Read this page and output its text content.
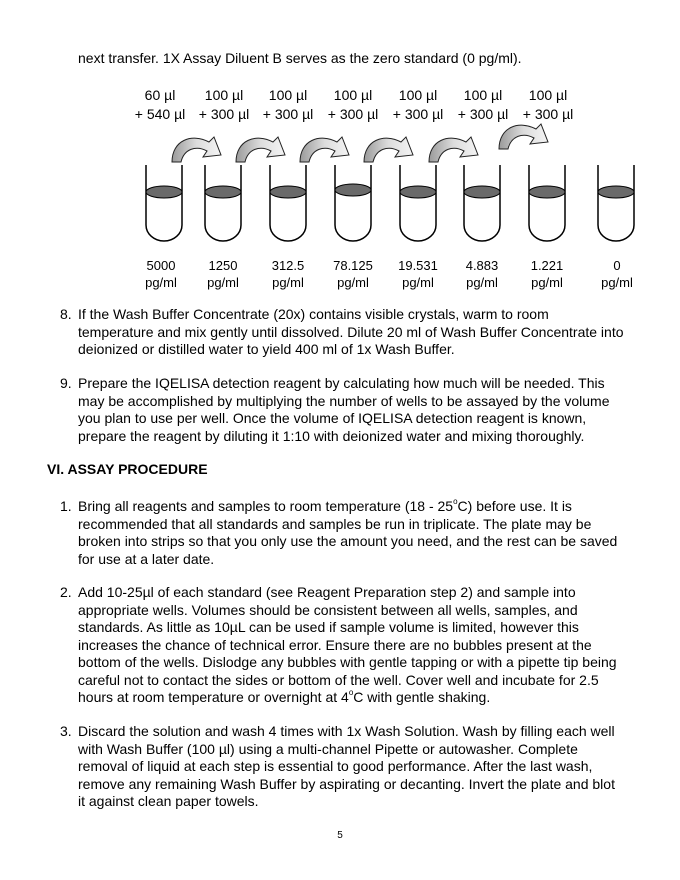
next transfer. 1X Assay Diluent B serves as the zero standard (0 pg/ml).
60 µl
+ 540 µl
100 µl
+ 300 µl
100 µl
+ 300 µl
100 µl
+ 300 µl
100 µl
+ 300 µl
100 µl
+ 300 µl
100 µl
+ 300 µl
5000
pg/ml
1250
pg/ml
312.5
pg/ml
78.125
pg/ml
19.531
pg/ml
4.883
pg/ml
1.221
pg/ml
0
pg/ml
8. If the Wash Buffer Concentrate (20x) contains visible crystals, warm to room
temperature and mix gently until dissolved. Dilute 20 ml of Wash Buffer Concentrate into
deionized or distilled water to yield 400 ml of 1x Wash Buffer.
9. Prepare the IQELISA detection reagent by calculating how much will be needed. This
may be accomplished by multiplying the number of wells to be assayed by the volume
you plan to use per well. Once the volume of IQELISA detection reagent is known,
prepare the reagent by diluting it 1:10 with deionized water and mixing thoroughly.
VI. ASSAY PROCEDURE
1. Bring all reagents and samples to room temperature (18 - 25$^o$C) before use. It is
recommended that all standards and samples be run in triplicate. The plate may be
broken into strips so that you only use the amount you need, and the rest can be saved
for use at a later date.
2. Add 10-25µl of each standard (see Reagent Preparation step 2) and sample into
appropriate wells. Volumes should be consistent between all wells, samples, and
standards. As little as 10µL can be used if sample volume is limited, however this
increases the chance of technical error. Ensure there are no bubbles present at the
bottom of the wells. Dislodge any bubbles with gentle tapping or with a pipette tip being
careful not to contact the sides or bottom of the well. Cover well and incubate for 2.5
hours at room temperature or overnight at 4$^o$C with gentle shaking.
3. Discard the solution and wash 4 times with 1x Wash Solution. Wash by filling each well
with Wash Buffer (100 µl) using a multi-channel Pipette or autowasher. Complete
removal of liquid at each step is essential to good performance. After the last wash,
remove any remaining Wash Buffer by aspirating or decanting. Invert the plate and blot
it against clean paper towels.
5
